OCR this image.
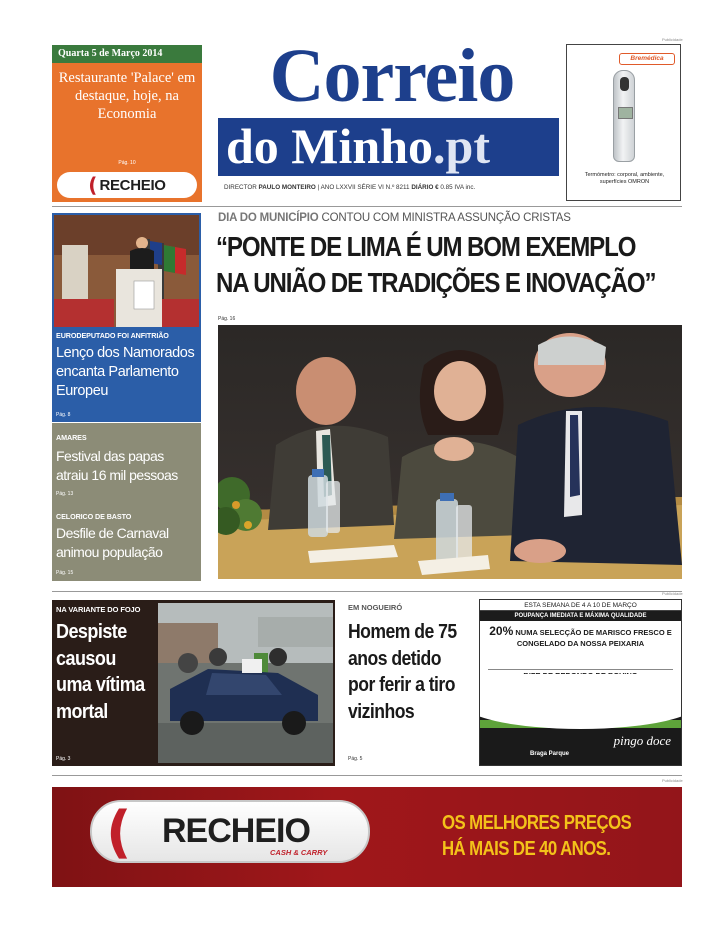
Quarta 5 de Março 2014
Restaurante 'Palace' em destaque, hoje, na Economia
Pág. 10
( RECHEIO
Correio
do Minho.pt
DIRECTOR PAULO MONTEIRO | ANO LXXVII SÉRIE VI N.º 8211 DIÁRIO € 0.85 IVA inc.
Publicidade
Bremédica
Termómetro: corporal, ambiente, superfícies OMRON
EURODEPUTADO FOI ANFITRIÃO
Lenço dos Namorados encanta Parlamento Europeu
Pág. 8
AMARES
Festival das papas atraiu 16 mil pessoas
Pág. 13
CELORICO DE BASTO
Desfile de Carnaval animou população
Pág. 15
DIA DO MUNICÍPIO CONTOU COM MINISTRA ASSUNÇÃO CRISTAS
“PONTE DE LIMA É UM BOM EXEMPLO
NA UNIÃO DE TRADIÇÕES E INOVAÇÃO”
Pág. 16
NA VARIANTE DO FOJO
Despiste causou uma vítima mortal
Pág. 3
EM NOGUEIRÓ
Homem de 75 anos detido por ferir a tiro vizinhos
Pág. 5
Publicidade
ESTA SEMANA DE 4 A 10 DE MARÇO
POUPANÇA IMEDIATA E MÁXIMA QUALIDADE
20% NUMA SELECÇÃO DE MARISCO FRESCO E CONGELADO DA NOSSA PEIXARIA
pingo doce
Braga Parque
Publicidade
( RECHEIO
CASH & CARRY
OS MELHORES PREÇOS
HÁ MAIS DE 40 ANOS.
